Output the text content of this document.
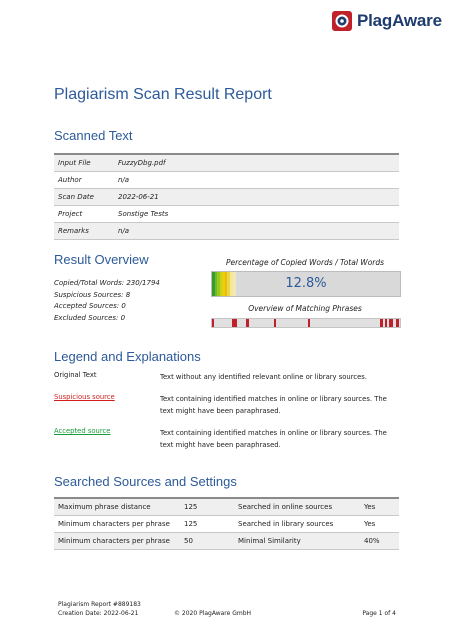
PlagAware
Plagiarism Scan Result Report
Scanned Text
Input File	FuzzyDbg.pdf
Author	n/a
Scan Date	2022-06-21
Project	Sonstige Tests
Remarks	n/a
Result Overview
Copied/Total Words: 230/1794
Suspicious Sources: 8
Accepted Sources: 0
Excluded Sources: 0
Percentage of Copied Words / Total Words
12.8%
Overview of Matching Phrases
Legend and Explanations
Original Text	Text without any identified relevant online or library sources.
Suspicious source	Text containing identified matches in online or library sources. The text might have been paraphrased.
Accepted source	Text containing identified matches in online or library sources. The text might have been paraphrased.
Searched Sources and Settings
Maximum phrase distance	125	Searched in online sources	Yes
Minimum characters per phrase	125	Searched in library sources	Yes
Minimum characters per phrase	50	Minimal Similarity	40%
Plagiarism Report #889183
Creation Date: 2022-06-21	© 2020 PlagAware GmbH	Page 1 of 4
